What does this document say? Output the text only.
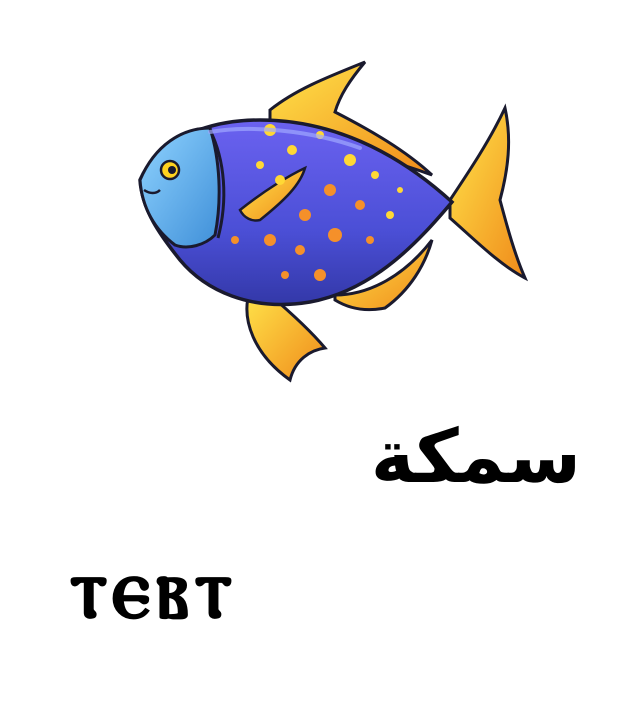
سمكة
ⲧⲉⲃⲧ
